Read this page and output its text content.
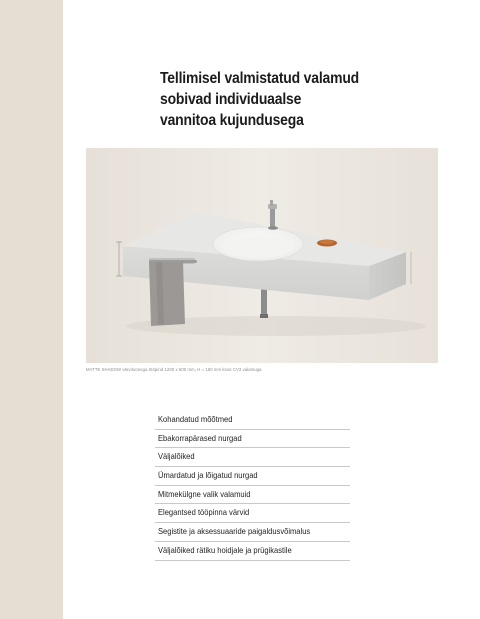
Tellimisel valmistatud valamud
sobivad individuaalse
vannitoa kujundusega
MATTE SHADOW värvitoonega tööpind 1200 x 500 mm, H = 160 mm koos CV3 valamuga
Kohandatud mõõtmed
Ebakorrapärased nurgad
Väljalõiked
Ümardatud ja lõigatud nurgad
Mitmekülgne valik valamuid
Elegantsed tööpinna värvid
Segistite ja aksessuaaride paigaldusvõimalus
Väljalõiked rätiku hoidjale ja prügikastile
